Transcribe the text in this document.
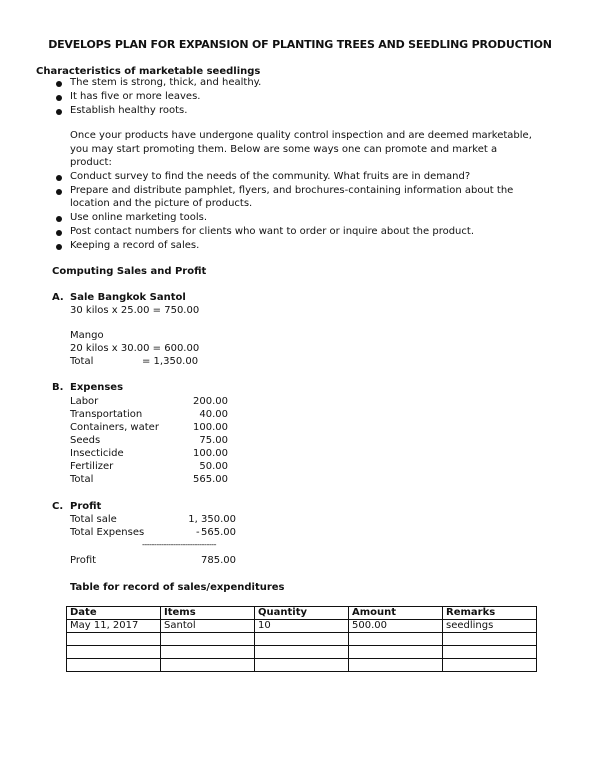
DEVELOPS PLAN FOR EXPANSION OF PLANTING TREES AND SEEDLING PRODUCTION
Characteristics of marketable seedlings
The stem is strong, thick, and healthy.
It has five or more leaves.
Establish healthy roots.
Once your products have undergone quality control inspection and are deemed marketable,
you may start promoting them. Below are some ways one can promote and market a
product:
Conduct survey to find the needs of the community. What fruits are in demand?
Prepare and distribute pamphlet, flyers, and brochures-containing information about the
location and the picture of products.
Use online marketing tools.
Post contact numbers for clients who want to order or inquire about the product.
Keeping a record of sales.
Computing Sales and Profit
A. Sale Bangkok Santol
30 kilos x 25.00 = 750.00
Mango
20 kilos x 30.00 = 600.00
Total	= 1,350.00
B. Expenses
Labor	200.00
Transportation	40.00
Containers, water	100.00
Seeds	75.00
Insecticide	100.00
Fertilizer	50.00
Total	565.00
C. Profit
Total sale	1, 350.00
Total Expenses	- 565.00
-------------------------------
Profit	785.00
Table for record of sales/expenditures
Date	Items	Quantity	Amount	Remarks
May 11, 2017	Santol	10	500.00	seedlings
